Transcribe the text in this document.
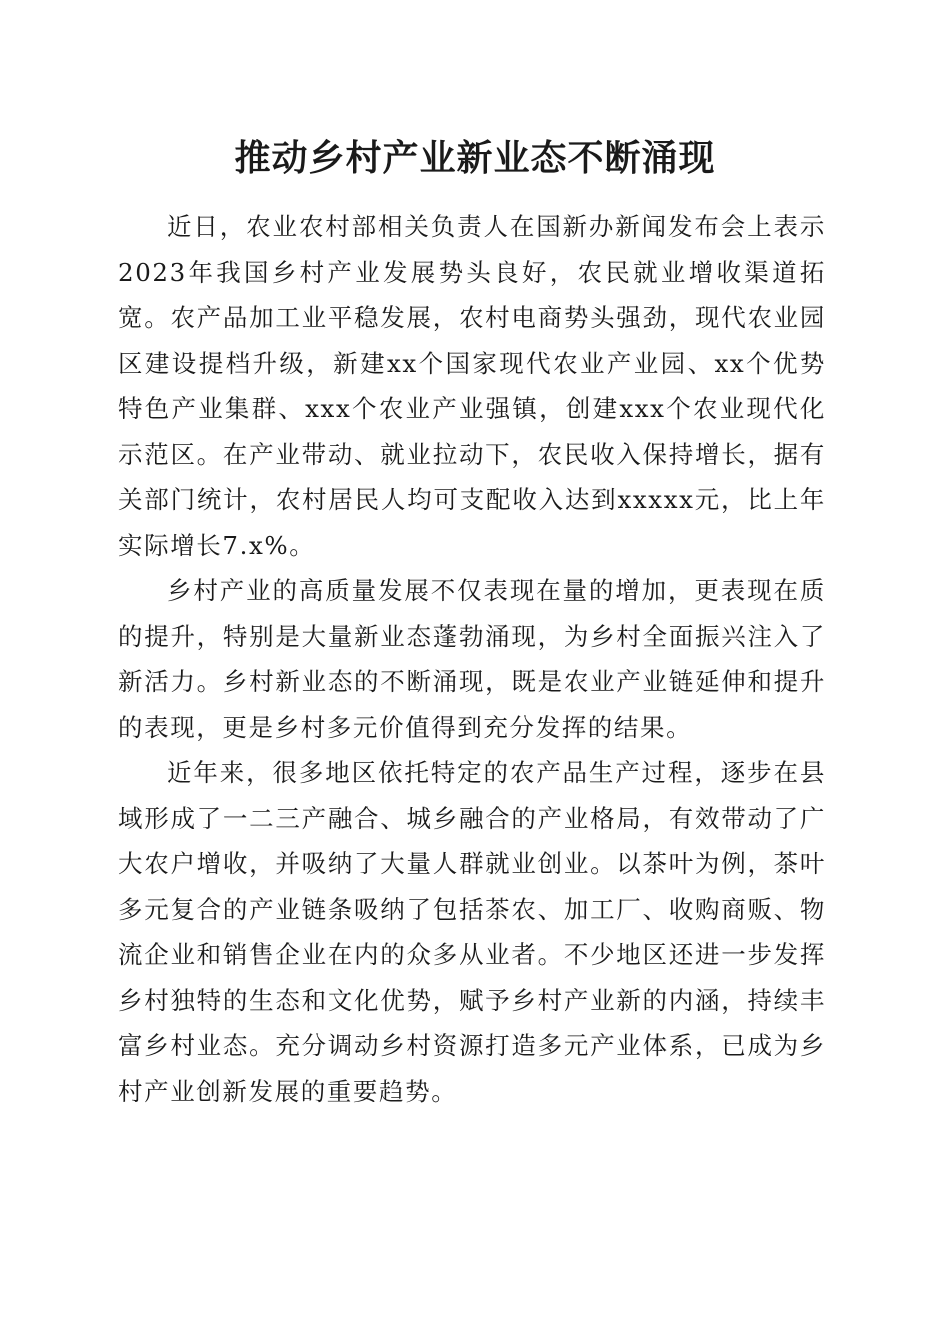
推动乡村产业新业态不断涌现

近日，农业农村部相关负责人在国新办新闻发布会上表示2023年我国乡村产业发展势头良好，农民就业增收渠道拓宽。农产品加工业平稳发展，农村电商势头强劲，现代农业园区建设提档升级，新建xx个国家现代农业产业园、xx个优势特色产业集群、xxx个农业产业强镇，创建xxx个农业现代化示范区。在产业带动、就业拉动下，农民收入保持增长，据有关部门统计，农村居民人均可支配收入达到xxxxx元，比上年实际增长7.x%。

乡村产业的高质量发展不仅表现在量的增加，更表现在质的提升，特别是大量新业态蓬勃涌现，为乡村全面振兴注入了新活力。乡村新业态的不断涌现，既是农业产业链延伸和提升的表现，更是乡村多元价值得到充分发挥的结果。

近年来，很多地区依托特定的农产品生产过程，逐步在县域形成了一二三产融合、城乡融合的产业格局，有效带动了广大农户增收，并吸纳了大量人群就业创业。以茶叶为例，茶叶多元复合的产业链条吸纳了包括茶农、加工厂、收购商贩、物流企业和销售企业在内的众多从业者。不少地区还进一步发挥乡村独特的生态和文化优势，赋予乡村产业新的内涵，持续丰富乡村业态。充分调动乡村资源打造多元产业体系，已成为乡村产业创新发展的重要趋势。
